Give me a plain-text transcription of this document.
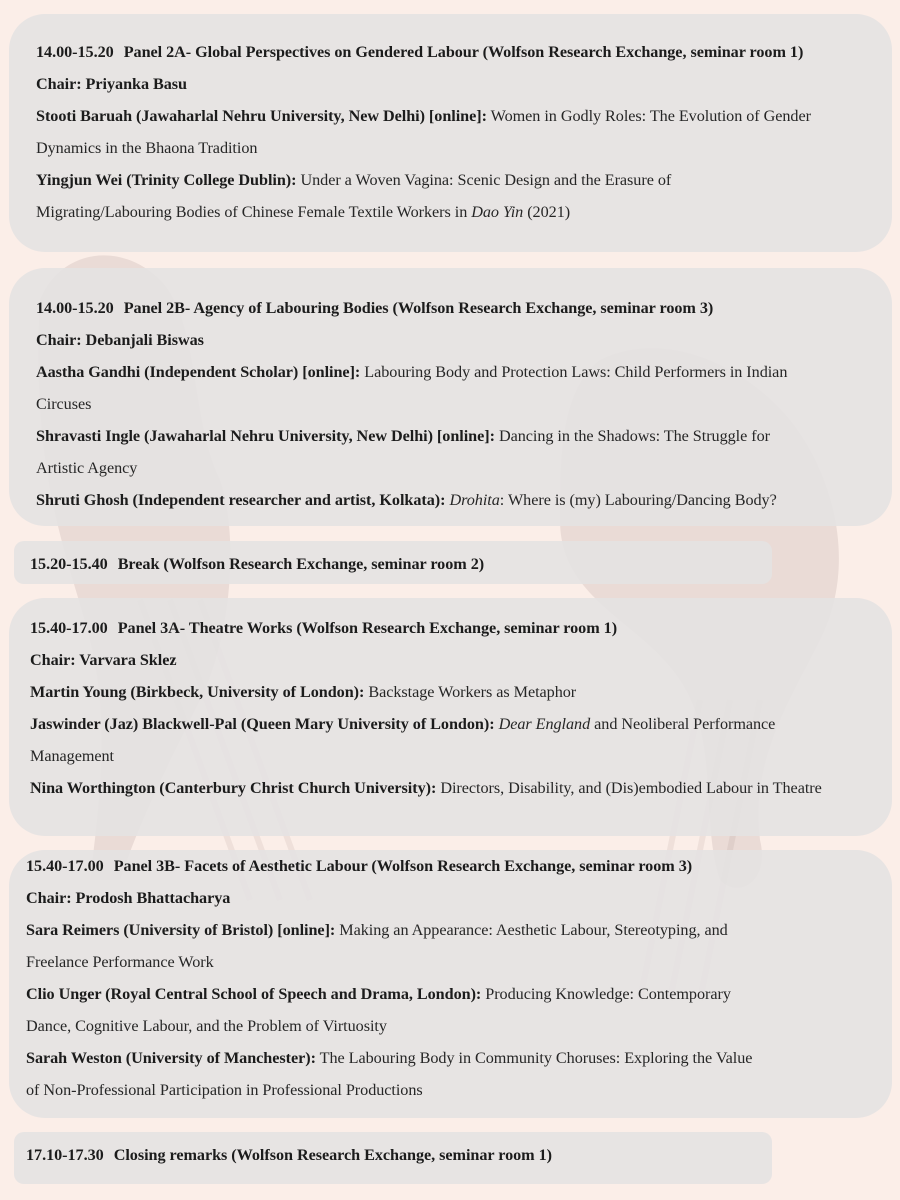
14.00-15.20 Panel 2A- Global Perspectives on Gendered Labour (Wolfson Research Exchange, seminar room 1)
Chair: Priyanka Basu
Stooti Baruah (Jawaharlal Nehru University, New Delhi) [online]: Women in Godly Roles: The Evolution of Gender
Dynamics in the Bhaona Tradition
Yingjun Wei (Trinity College Dublin): Under a Woven Vagina: Scenic Design and the Erasure of
Migrating/Labouring Bodies of Chinese Female Textile Workers in Dao Yin (2021)
14.00-15.20 Panel 2B- Agency of Labouring Bodies (Wolfson Research Exchange, seminar room 3)
Chair: Debanjali Biswas
Aastha Gandhi (Independent Scholar) [online]: Labouring Body and Protection Laws: Child Performers in Indian
Circuses
Shravasti Ingle (Jawaharlal Nehru University, New Delhi) [online]: Dancing in the Shadows: The Struggle for
Artistic Agency
Shruti Ghosh (Independent researcher and artist, Kolkata): Drohita: Where is (my) Labouring/Dancing Body?
15.20-15.40 Break (Wolfson Research Exchange, seminar room 2)
15.40-17.00 Panel 3A- Theatre Works (Wolfson Research Exchange, seminar room 1)
Chair: Varvara Sklez
Martin Young (Birkbeck, University of London): Backstage Workers as Metaphor
Jaswinder (Jaz) Blackwell-Pal (Queen Mary University of London): Dear England and Neoliberal Performance
Management
Nina Worthington (Canterbury Christ Church University): Directors, Disability, and (Dis)embodied Labour in Theatre
15.40-17.00 Panel 3B- Facets of Aesthetic Labour (Wolfson Research Exchange, seminar room 3)
Chair: Prodosh Bhattacharya
Sara Reimers (University of Bristol) [online]: Making an Appearance: Aesthetic Labour, Stereotyping, and
Freelance Performance Work
Clio Unger (Royal Central School of Speech and Drama, London): Producing Knowledge: Contemporary
Dance, Cognitive Labour, and the Problem of Virtuosity
Sarah Weston (University of Manchester): The Labouring Body in Community Choruses: Exploring the Value
of Non-Professional Participation in Professional Productions
17.10-17.30 Closing remarks (Wolfson Research Exchange, seminar room 1)
